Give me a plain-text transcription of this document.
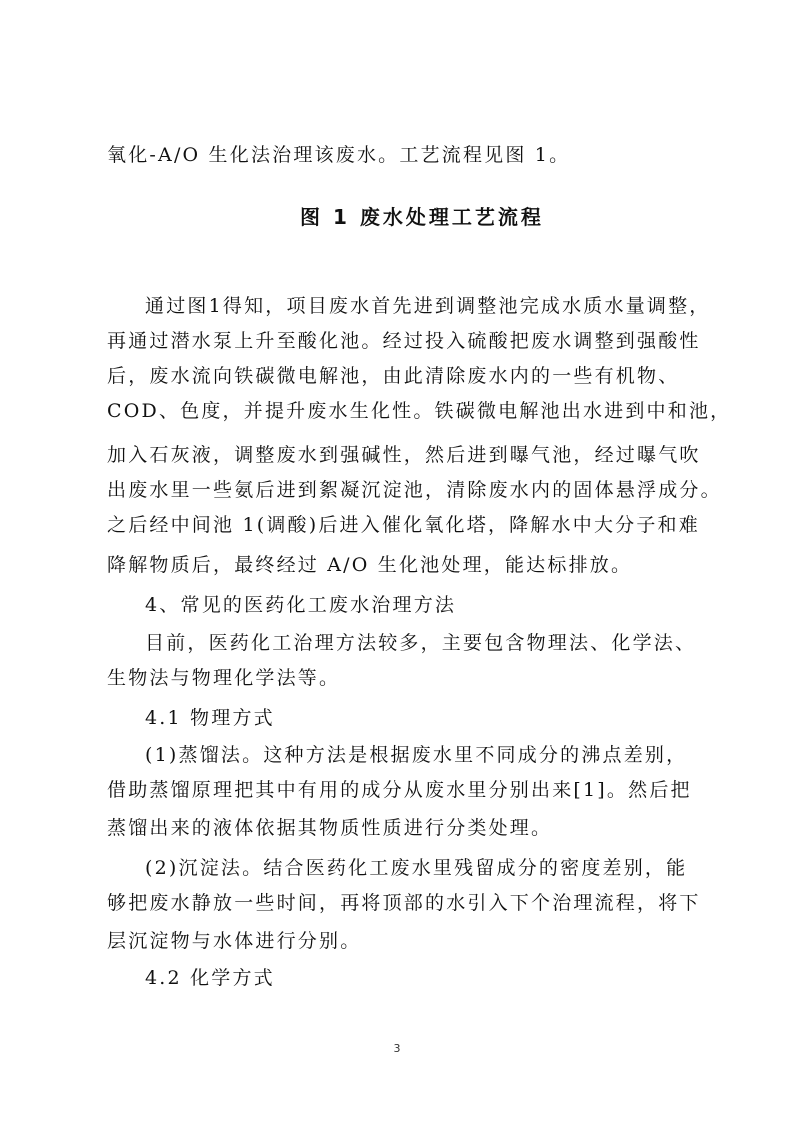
氧化-A/O 生化法治理该废水。工艺流程见图 1。
图 1 废水处理工艺流程
通过图1得知，项目废水首先进到调整池完成水质水量调整，
再通过潜水泵上升至酸化池。经过投入硫酸把废水调整到强酸性
后，废水流向铁碳微电解池，由此清除废水内的一些有机物、
COD、色度，并提升废水生化性。铁碳微电解池出水进到中和池，
加入石灰液，调整废水到强碱性，然后进到曝气池，经过曝气吹
出废水里一些氨后进到絮凝沉淀池，清除废水内的固体悬浮成分。
之后经中间池 1(调酸)后进入催化氧化塔，降解水中大分子和难
降解物质后，最终经过 A/O 生化池处理，能达标排放。
4、常见的医药化工废水治理方法
目前，医药化工治理方法较多，主要包含物理法、化学法、
生物法与物理化学法等。
4.1 物理方式
(1)蒸馏法。这种方法是根据废水里不同成分的沸点差别，
借助蒸馏原理把其中有用的成分从废水里分别出来[1]。然后把
蒸馏出来的液体依据其物质性质进行分类处理。
(2)沉淀法。结合医药化工废水里残留成分的密度差别，能
够把废水静放一些时间，再将顶部的水引入下个治理流程，将下
层沉淀物与水体进行分别。
4.2 化学方式
3
